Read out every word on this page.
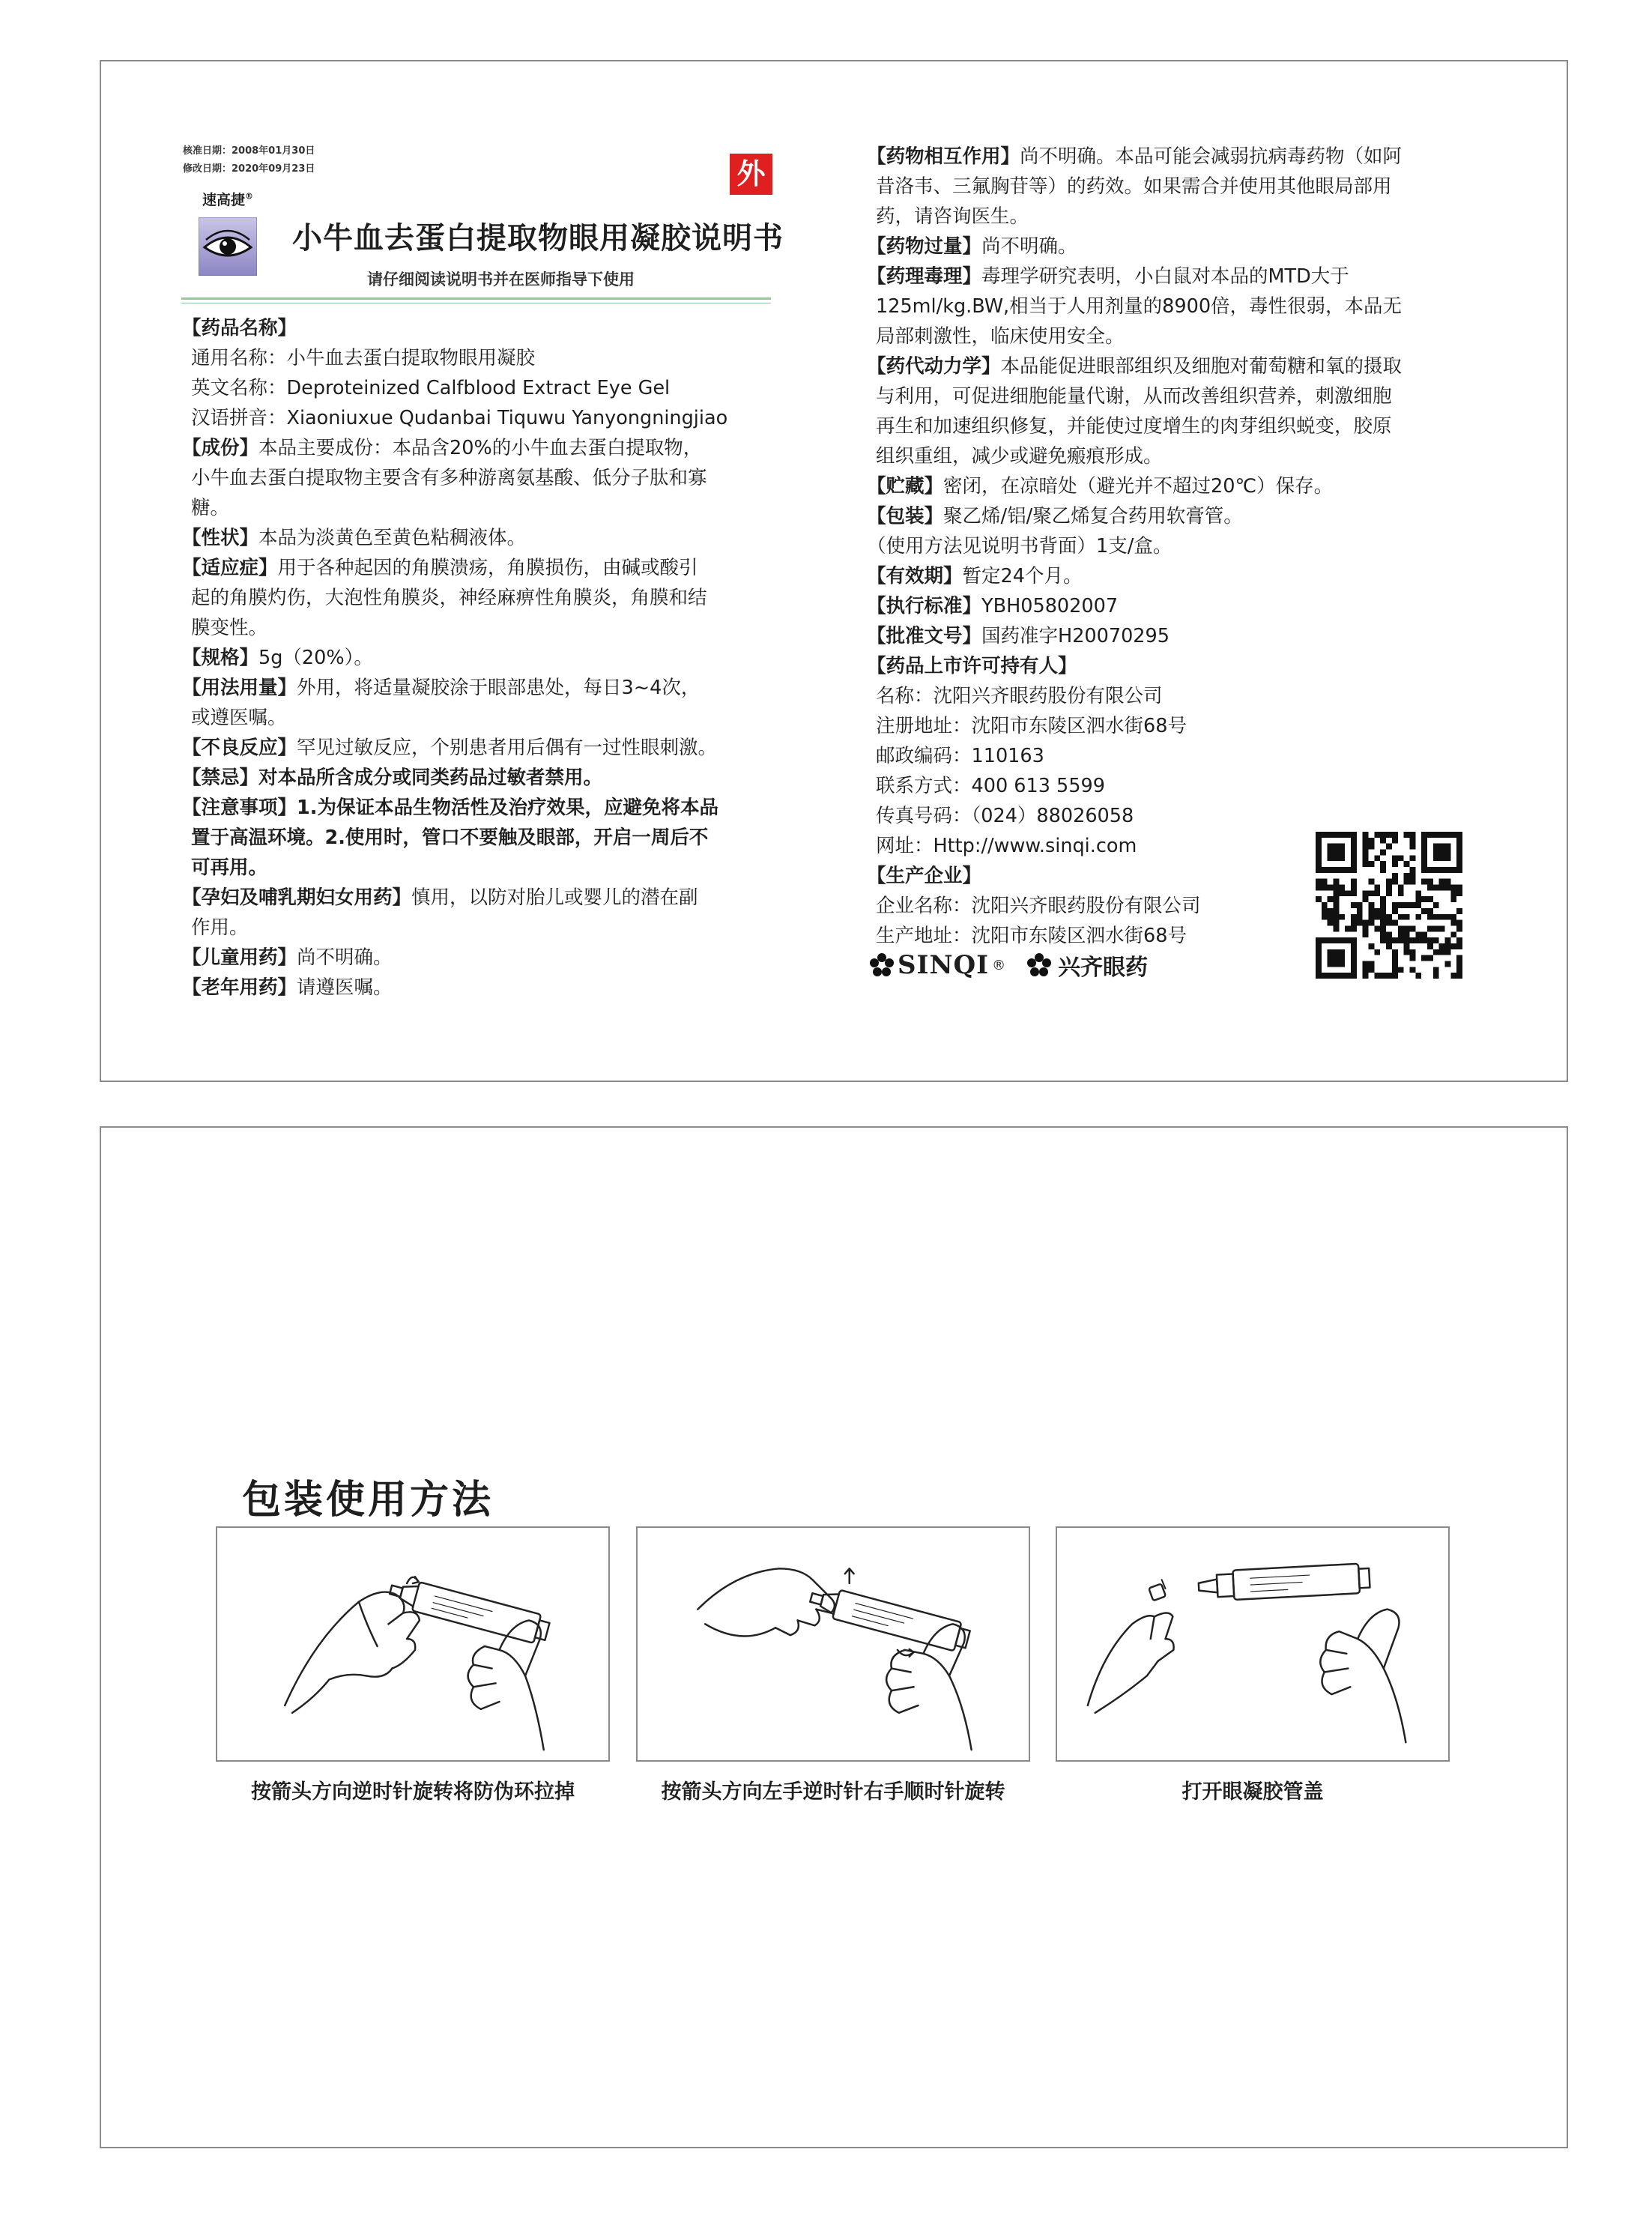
核准日期：2008年01月30日
修改日期：2020年09月23日
速高捷®
小牛血去蛋白提取物眼用凝胶说明书
请仔细阅读说明书并在医师指导下使用
外

【药品名称】

通用名称：小牛血去蛋白提取物眼用凝胶

英文名称：Deproteinized Calfblood Extract Eye Gel

汉语拼音：Xiaoniuxue Qudanbai Tiquwu Yanyongningjiao

【成份】本品主要成份：本品含20%的小牛血去蛋白提取物，

小牛血去蛋白提取物主要含有多种游离氨基酸、低分子肽和寡

糖。

【性状】本品为淡黄色至黄色粘稠液体。

【适应症】用于各种起因的角膜溃疡，角膜损伤，由碱或酸引

起的角膜灼伤，大泡性角膜炎，神经麻痹性角膜炎，角膜和结

膜变性。

【规格】5g（20%）。

【用法用量】外用，将适量凝胶涂于眼部患处，每日3~4次，

或遵医嘱。

【不良反应】罕见过敏反应，个别患者用后偶有一过性眼刺激。

【禁忌】对本品所含成分或同类药品过敏者禁用。

【注意事项】1.为保证本品生物活性及治疗效果，应避免将本品

置于高温环境。2.使用时，管口不要触及眼部，开启一周后不

可再用。

【孕妇及哺乳期妇女用药】慎用，以防对胎儿或婴儿的潜在副

作用。

【儿童用药】尚不明确。

【老年用药】请遵医嘱。

【药物相互作用】尚不明确。本品可能会减弱抗病毒药物（如阿

昔洛韦、三氟胸苷等）的药效。如果需合并使用其他眼局部用

药，请咨询医生。

【药物过量】尚不明确。

【药理毒理】毒理学研究表明，小白鼠对本品的MTD大于

125ml/kg.BW,相当于人用剂量的8900倍，毒性很弱，本品无

局部刺激性，临床使用安全。

【药代动力学】本品能促进眼部组织及细胞对葡萄糖和氧的摄取

与利用，可促进细胞能量代谢，从而改善组织营养，刺激细胞

再生和加速组织修复，并能使过度增生的肉芽组织蜕变，胶原

组织重组，减少或避免瘢痕形成。

【贮藏】密闭，在凉暗处（避光并不超过20℃）保存。

【包装】聚乙烯/铝/聚乙烯复合药用软膏管。

（使用方法见说明书背面）1支/盒。

【有效期】暂定24个月。

【执行标准】YBH05802007

【批准文号】国药准字H20070295

【药品上市许可持有人】

名称：沈阳兴齐眼药股份有限公司

注册地址：沈阳市东陵区泗水街68号

邮政编码：110163

联系方式：400 613 5599

传真号码：（024）88026058

网址：Http://www.sinqi.com

【生产企业】

企业名称：沈阳兴齐眼药股份有限公司

生产地址：沈阳市东陵区泗水街68号

SINQI ® 兴齐眼药
包装使用方法
按箭头方向逆时针旋转将防伪环拉掉	按箭头方向左手逆时针右手顺时针旋转	打开眼凝胶管盖
